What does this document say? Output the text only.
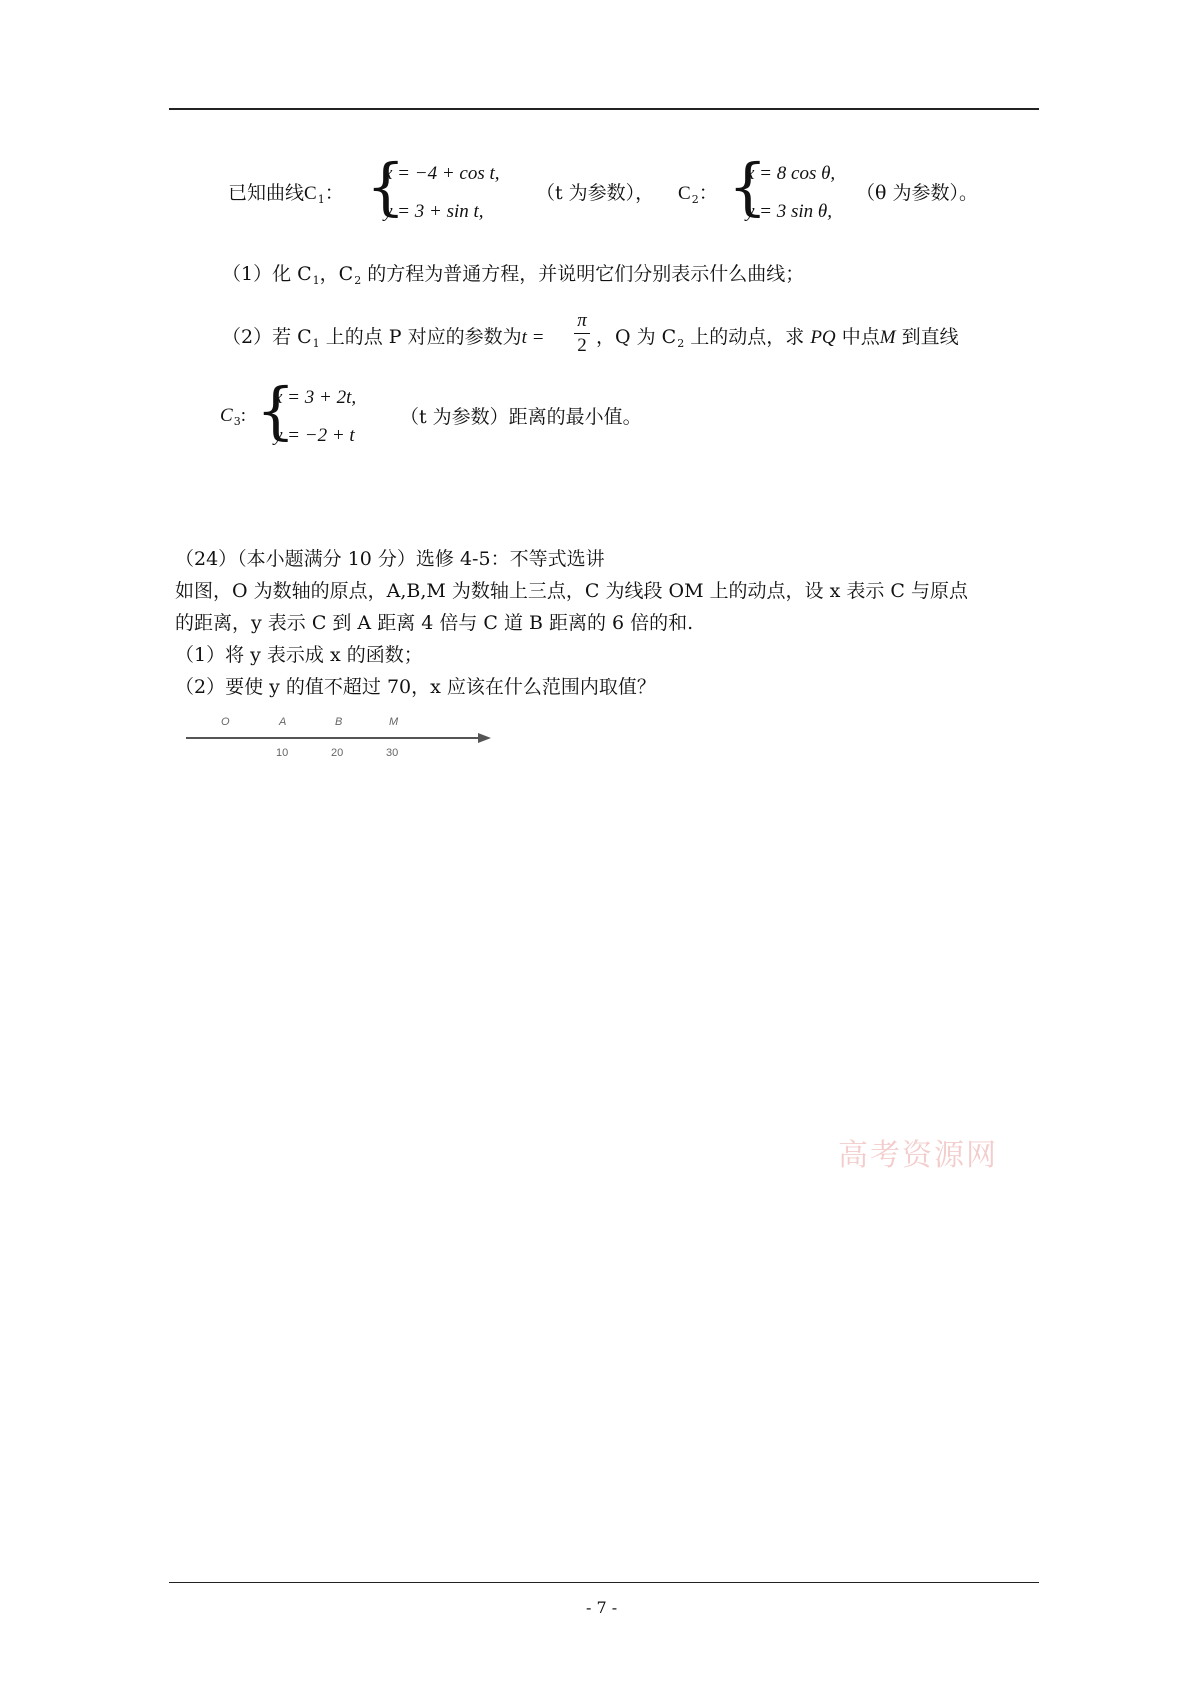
已知曲线$C_1$： {
x = −4 + cos t,
y = 3 + sin t,
（t 为参数）， $C_2$： {
x = 8 cos θ,
y = 3 sin θ,
（θ 为参数）。
（1）化 $C_1$，$C_2$ 的方程为普通方程，并说明它们分别表示什么曲线；
（2）若 $C_1$ 上的点 P 对应的参数为t =
π
2 ，Q 为 $C_2$ 上的动点，求 PQ 中点M 到直线
$C_3$: {
x = 3 + 2t,
y = −2 + t
（t 为参数）距离的最小值。
（24）（本小题满分 10 分）选修 4-5：不等式选讲
如图，O 为数轴的原点，A,B,M 为数轴上三点，C 为线段 OM 上的动点，设 x 表示 C 与原点
的距离，y 表示 C 到 A 距离 4 倍与 C 道 B 距离的 6 倍的和.
（1）将 y 表示成 x 的函数；
（2）要使 y 的值不超过 70，x 应该在什么范围内取值？
O	A	B	M
10	20	30
高考资源网
- 7 -
